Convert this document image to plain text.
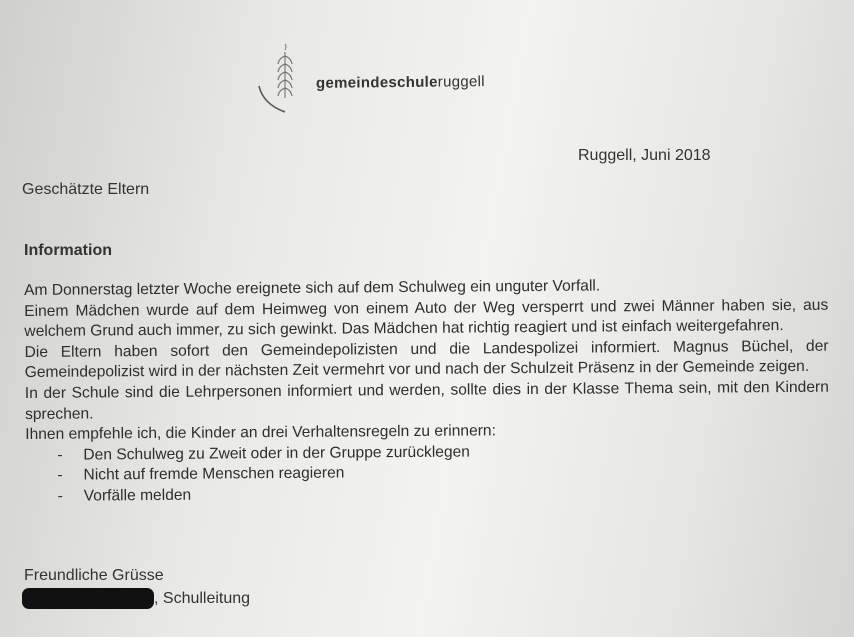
gemeindeschuleruggell
Ruggell, Juni 2018
Geschätzte Eltern
Information

Am Donnerstag letzter Woche ereignete sich auf dem Schulweg ein unguter Vorfall.

Einem Mädchen wurde auf dem Heimweg von einem Auto der Weg versperrt und zwei Männer haben sie, aus welchem Grund auch immer, zu sich gewinkt. Das Mädchen hat richtig reagiert und ist einfach weitergefahren.

Die Eltern haben sofort den Gemeindepolizisten und die Landespolizei informiert. Magnus Büchel, der Gemeindepolizist wird in der nächsten Zeit vermehrt vor und nach der Schulzeit Präsenz in der Gemeinde zeigen.

In der Schule sind die Lehrpersonen informiert und werden, sollte dies in der Klasse Thema sein, mit den Kindern sprechen.

Ihnen empfehle ich, die Kinder an drei Verhaltensregeln zu erinnern:

- Den Schulweg zu Zweit oder in der Gruppe zurücklegen
- Nicht auf fremde Menschen reagieren
- Vorfälle melden
Freundliche Grüsse
, Schulleitung
